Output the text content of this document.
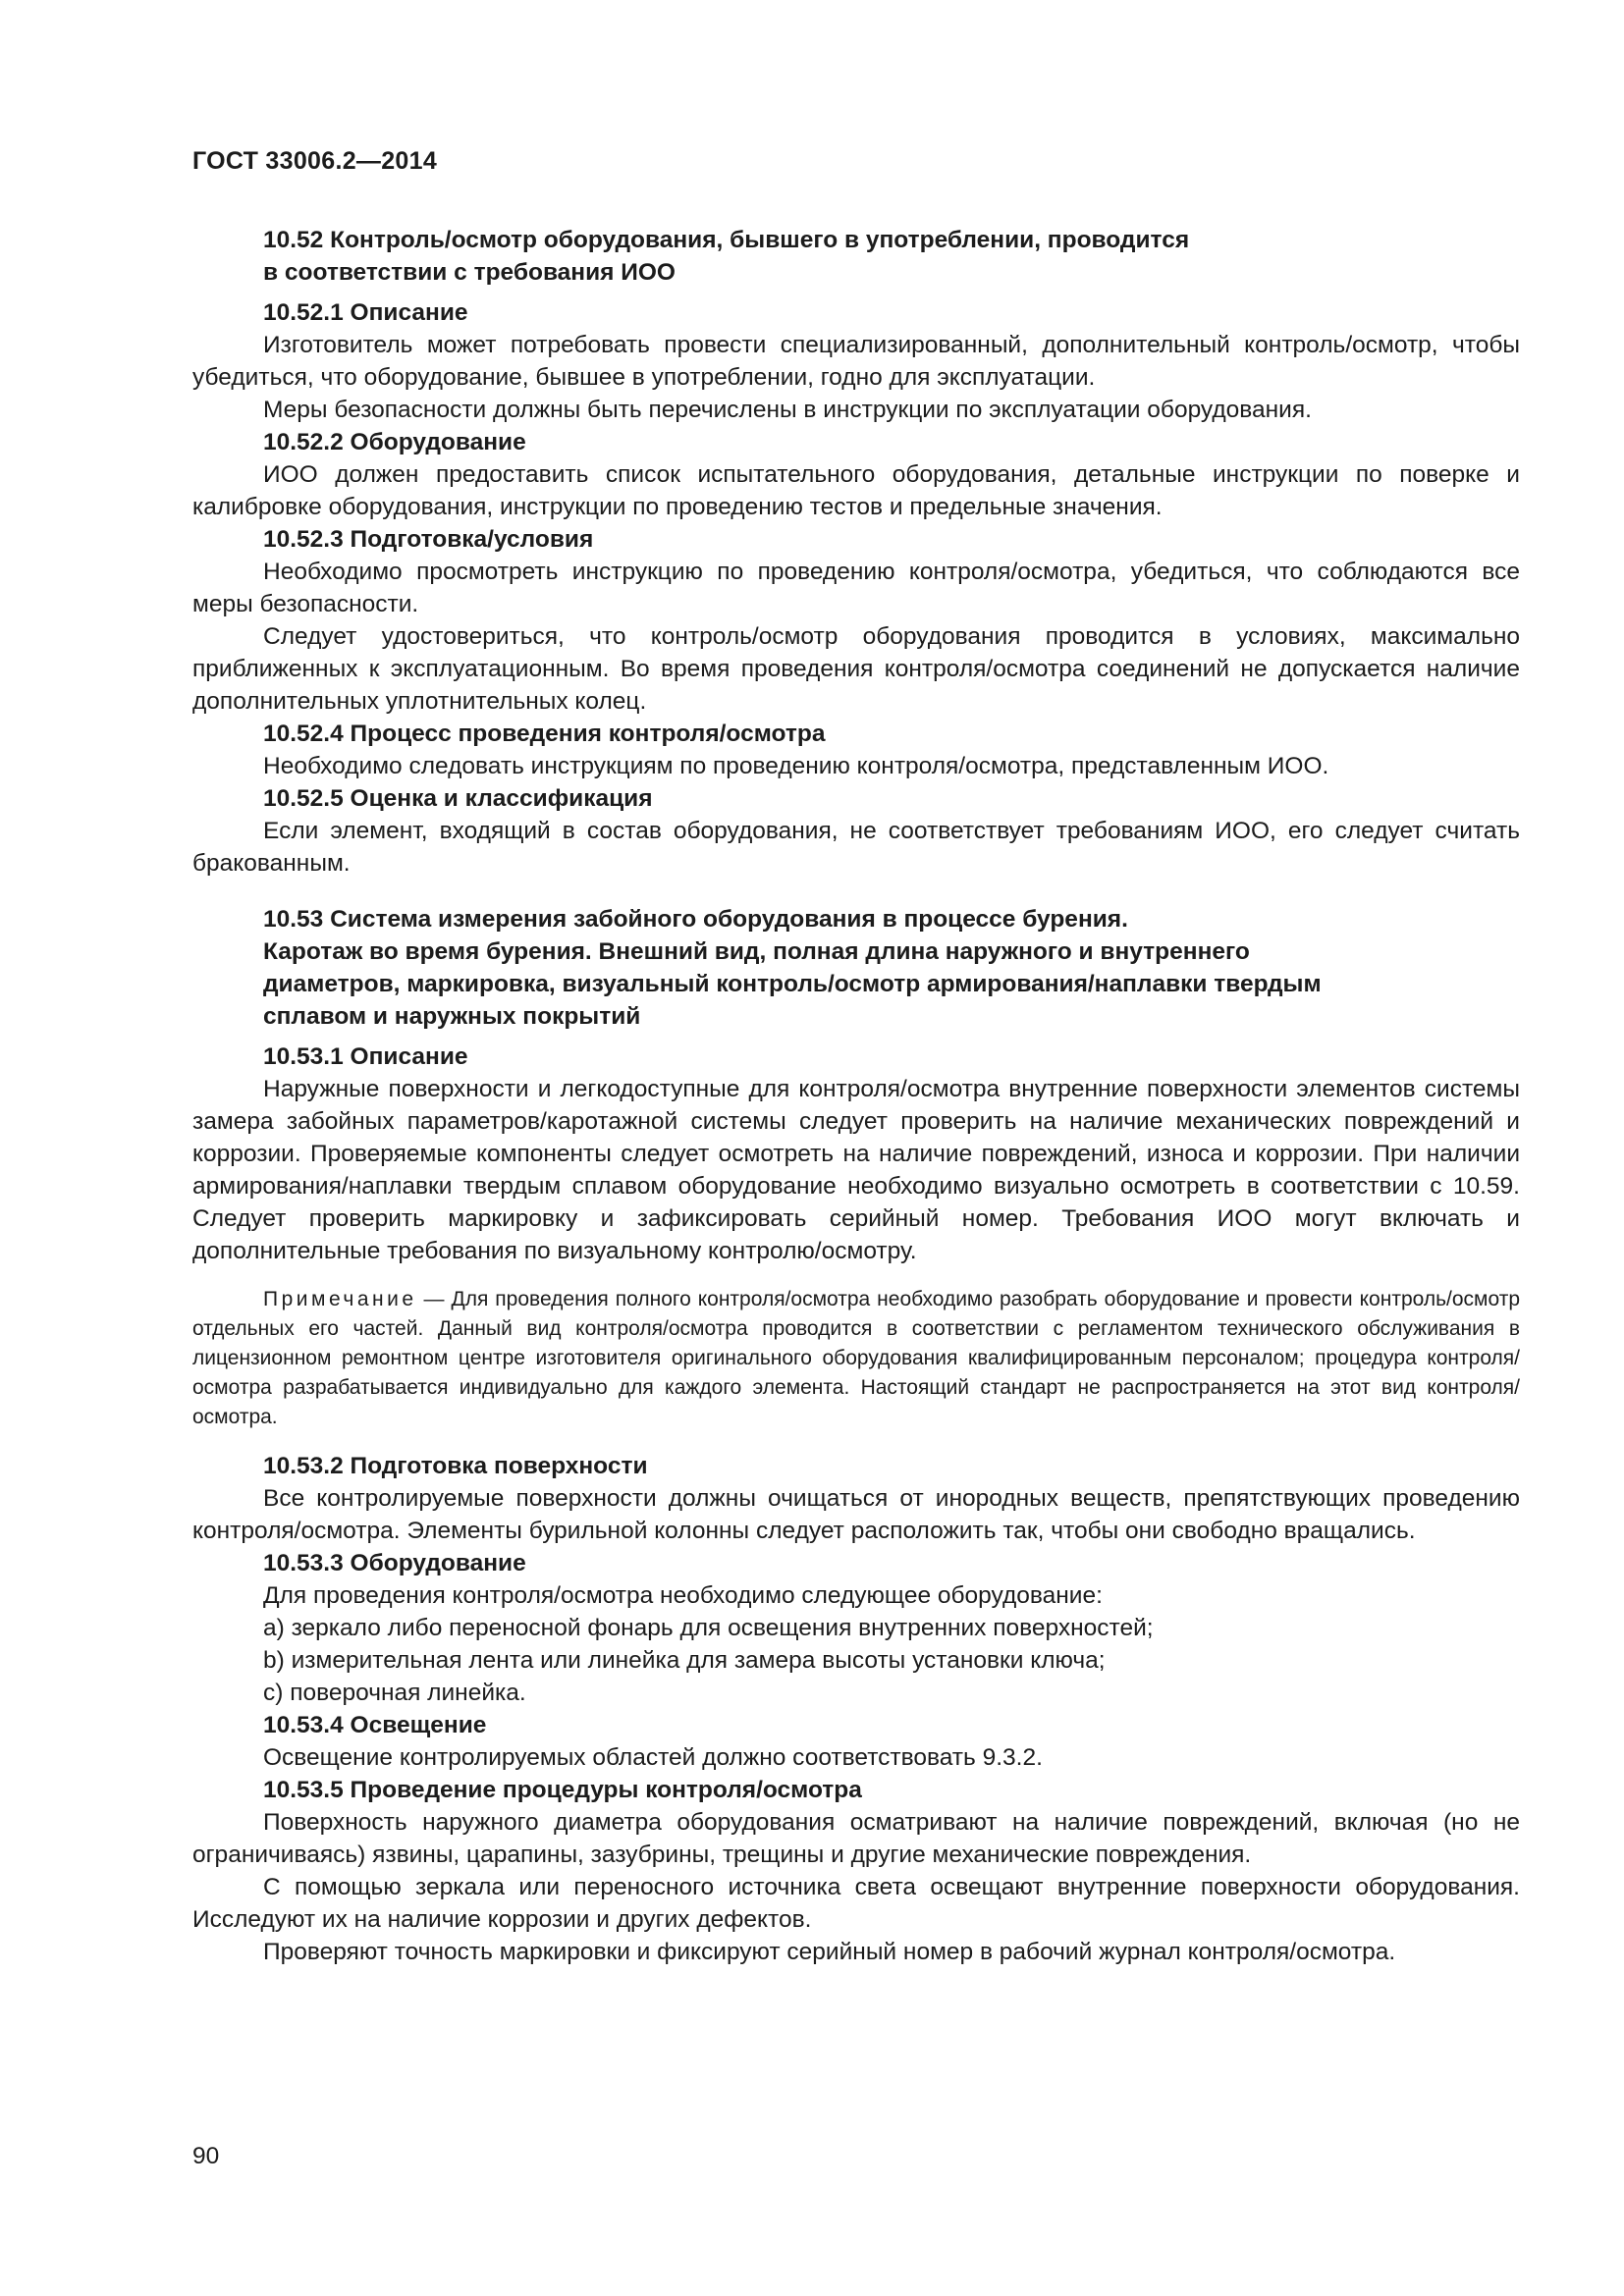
ГОСТ 33006.2—2014
10.52 Контроль/осмотр оборудования, бывшего в употреблении, проводится
в соответствии с требования ИОО
10.52.1 Описание

Изготовитель может потребовать провести специализированный, дополнительный контроль/осмотр, чтобы убедиться, что оборудование, бывшее в употреблении, годно для эксплуатации.

Меры безопасности должны быть перечислены в инструкции по эксплуатации оборудования.

10.52.2 Оборудование

ИОО должен предоставить список испытательного оборудования, детальные инструкции по поверке и калибровке оборудования, инструкции по проведению тестов и предельные значения.

10.52.3 Подготовка/условия

Необходимо просмотреть инструкцию по проведению контроля/осмотра, убедиться, что соблюдаются все меры безопасности.

Следует удостовериться, что контроль/осмотр оборудования проводится в условиях, максимально приближенных к эксплуатационным. Во время проведения контроля/осмотра соединений не допускается наличие дополнительных уплотнительных колец.

10.52.4 Процесс проведения контроля/осмотра

Необходимо следовать инструкциям по проведению контроля/осмотра, представленным ИОО.

10.52.5 Оценка и классификация

Если элемент, входящий в состав оборудования, не соответствует требованиям ИОО, его следует считать бракованным.

10.53 Система измерения забойного оборудования в процессе бурения.
Каротаж во время бурения. Внешний вид, полная длина наружного и внутреннего
диаметров, маркировка, визуальный контроль/осмотр армирования/наплавки твердым
сплавом и наружных покрытий
10.53.1 Описание

Наружные поверхности и легкодоступные для контроля/осмотра внутренние поверхности элементов системы замера забойных параметров/каротажной системы следует проверить на наличие механических повреждений и коррозии. Проверяемые компоненты следует осмотреть на наличие повреждений, износа и коррозии. При наличии армирования/наплавки твердым сплавом оборудование необходимо визуально осмотреть в соответствии с 10.59. Следует проверить маркировку и зафиксировать серийный номер. Требования ИОО могут включать и дополнительные требования по визуальному контролю/осмотру.

Примечание — Для проведения полного контроля/осмотра необходимо разобрать оборудование и провести контроль/осмотр отдельных его частей. Данный вид контроля/осмотра проводится в соответствии с регламентом технического обслуживания в лицензионном ремонтном центре изготовителя оригинального оборудования квалифицированным персоналом; процедура контроля/осмотра разрабатывается индивидуально для каждого элемента. Настоящий стандарт не распространяется на этот вид контроля/осмотра.

10.53.2 Подготовка поверхности

Все контролируемые поверхности должны очищаться от инородных веществ, препятствующих проведению контроля/осмотра. Элементы бурильной колонны следует расположить так, чтобы они свободно вращались.

10.53.3 Оборудование

Для проведения контроля/осмотра необходимо следующее оборудование:

а) зеркало либо переносной фонарь для освещения внутренних поверхностей;

b) измерительная лента или линейка для замера высоты установки ключа;

с) поверочная линейка.

10.53.4 Освещение

Освещение контролируемых областей должно соответствовать 9.3.2.

10.53.5 Проведение процедуры контроля/осмотра

Поверхность наружного диаметра оборудования осматривают на наличие повреждений, включая (но не ограничиваясь) язвины, царапины, зазубрины, трещины и другие механические повреждения.

С помощью зеркала или переносного источника света освещают внутренние поверхности оборудования. Исследуют их на наличие коррозии и других дефектов.

Проверяют точность маркировки и фиксируют серийный номер в рабочий журнал контроля/осмотра.

90
